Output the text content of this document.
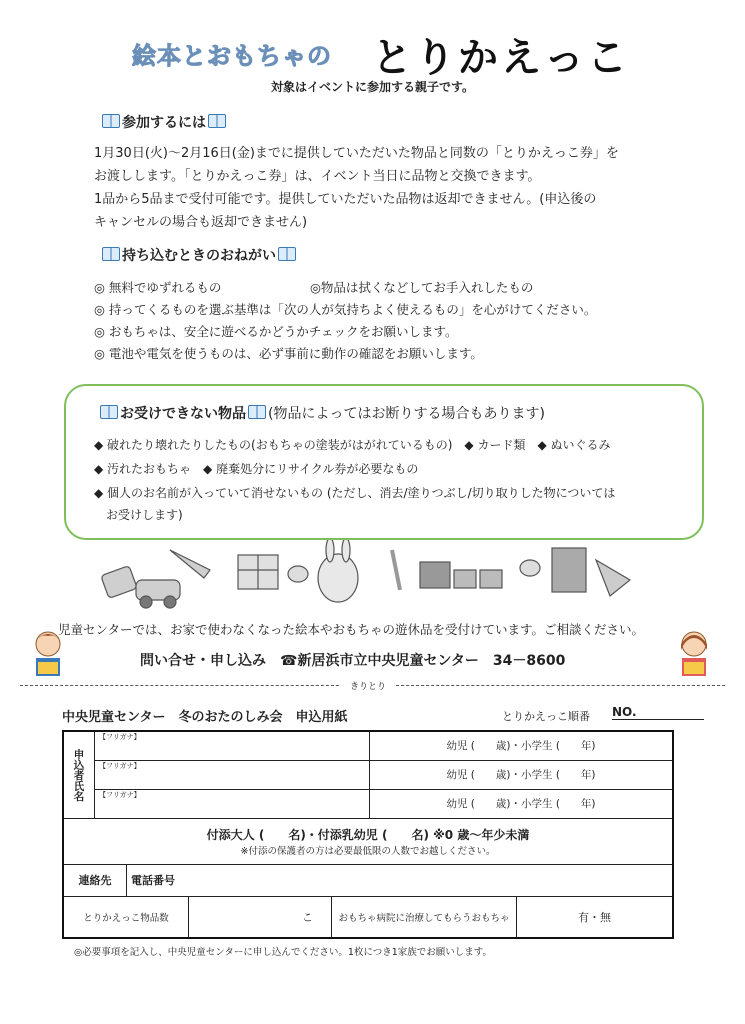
絵本とおもちゃの とりかえっこ
対象はイベントに参加する親子です。
参加するには
1月30日(火)～2月16日(金)までに提供していただいた物品と同数の「とりかえっこ券」を
お渡しします。「とりかえっこ券」は、イベント当日に品物と交換できます。
1品から5品まで受付可能です。提供していただいた品物は返却できません。(申込後の
キャンセルの場合も返却できません)
持ち込むときのおねがい
◎ 無料でゆずれるもの	◎物品は拭くなどしてお手入れしたもの
◎ 持ってくるものを選ぶ基準は「次の人が気持ちよく使えるもの」を心がけてください。
◎ おもちゃは、安全に遊べるかどうかチェックをお願いします。
◎ 電池や電気を使うものは、必ず事前に動作の確認をお願いします。
お受けできない物品 (物品によってはお断りする場合もあります)
◆ 破れたり壊れたりしたもの(おもちゃの塗装がはがれているもの)　◆ カード類　◆ ぬいぐるみ
◆ 汚れたおもちゃ　◆ 廃棄処分にリサイクル券が必要なもの
◆ 個人のお名前が入っていて消せないもの (ただし、消去/塗りつぶし/切り取りした物については
　お受けします)
児童センターでは、お家で使わなくなった絵本やおもちゃの遊休品を受付けています。ご相談ください。
問い合せ・申し込み　 ☎新居浜市立中央児童センター　 34－8600
きりとり
中央児童センター　冬のおたのしみ会　申込用紙	とりかえっこ順番 NO.
申込者氏名	【フリガナ】	幼児 (　　歳)・小学生 (　　年)
【フリガナ】	幼児 (　　歳)・小学生 (　　年)
【フリガナ】	幼児 (　　歳)・小学生 (　　年)

付添大人 (　　名)・付添乳幼児 (　　名) ※0 歳～年少未満
※付添の保護者の方は必要最低限の人数でお越しください。

連絡先	電話番号

とりかえっこ物品数	こ	おもちゃ病院に治療してもらうおもちゃ	有・無
◎必要事項を記入し、中央児童センターに申し込んでください。1枚につき1家族でお願いします。
